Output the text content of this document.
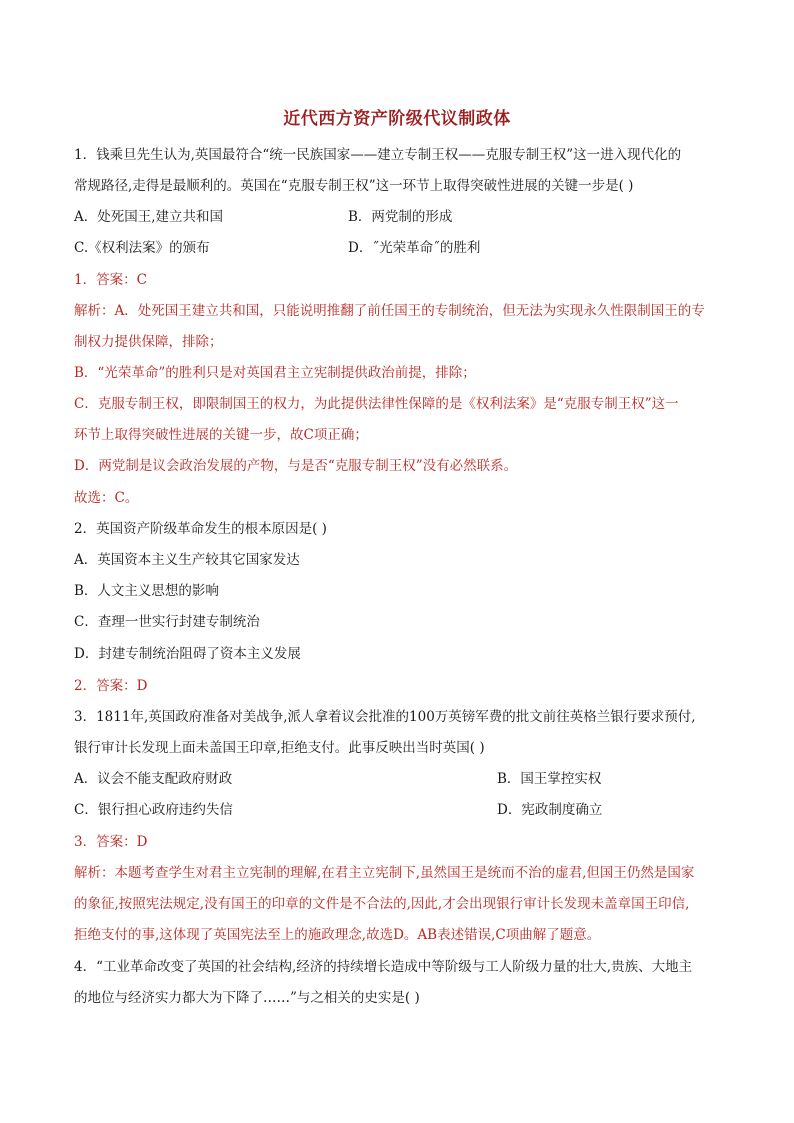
近代西方资产阶级代议制政体
1．钱乘旦先生认为,英国最符合“统一民族国家——建立专制王权——克服专制王权”这一进入现代化的
常规路径,走得是最顺利的。英国在“克服专制王权”这一环节上取得突破性进展的关键一步是( )
A．处死国王,建立共和国	B．两党制的形成
C.《权利法案》的颁布	D．˝光荣革命˝的胜利
1．答案：C
解析：A．处死国王建立共和国，只能说明推翻了前任国王的专制统治，但无法为实现永久性限制国王的专
制权力提供保障，排除；
B．“光荣革命”的胜利只是对英国君主立宪制提供政治前提，排除；
C．克服专制王权，即限制国王的权力，为此提供法律性保障的是《权利法案》是“克服专制王权”这一
环节上取得突破性进展的关键一步，故C项正确；
D．两党制是议会政治发展的产物，与是否“克服专制王权”没有必然联系。
故选：C。
2．英国资产阶级革命发生的根本原因是( )
A．英国资本主义生产较其它国家发达
B．人文主义思想的影响
C．查理一世实行封建专制统治
D．封建专制统治阻碍了资本主义发展
2．答案：D
3．1811年,英国政府准备对美战争,派人拿着议会批准的100万英镑军费的批文前往英格兰银行要求预付,
银行审计长发现上面未盖国王印章,拒绝支付。此事反映出当时英国( )
A．议会不能支配政府财政	B．国王掌控实权
C．银行担心政府违约失信	D．宪政制度确立
3．答案：D
解析：本题考查学生对君主立宪制的理解,在君主立宪制下,虽然国王是统而不治的虚君,但国王仍然是国家
的象征,按照宪法规定,没有国王的印章的文件是不合法的,因此,才会出现银行审计长发现未盖章国王印信,
拒绝支付的事,这体现了英国宪法至上的施政理念,故选D。AB表述错误,C项曲解了题意。
4．“工业革命改变了英国的社会结构,经济的持续增长造成中等阶级与工人阶级力量的壮大,贵族、大地主
的地位与经济实力都大为下降了……”与之相关的史实是( )
